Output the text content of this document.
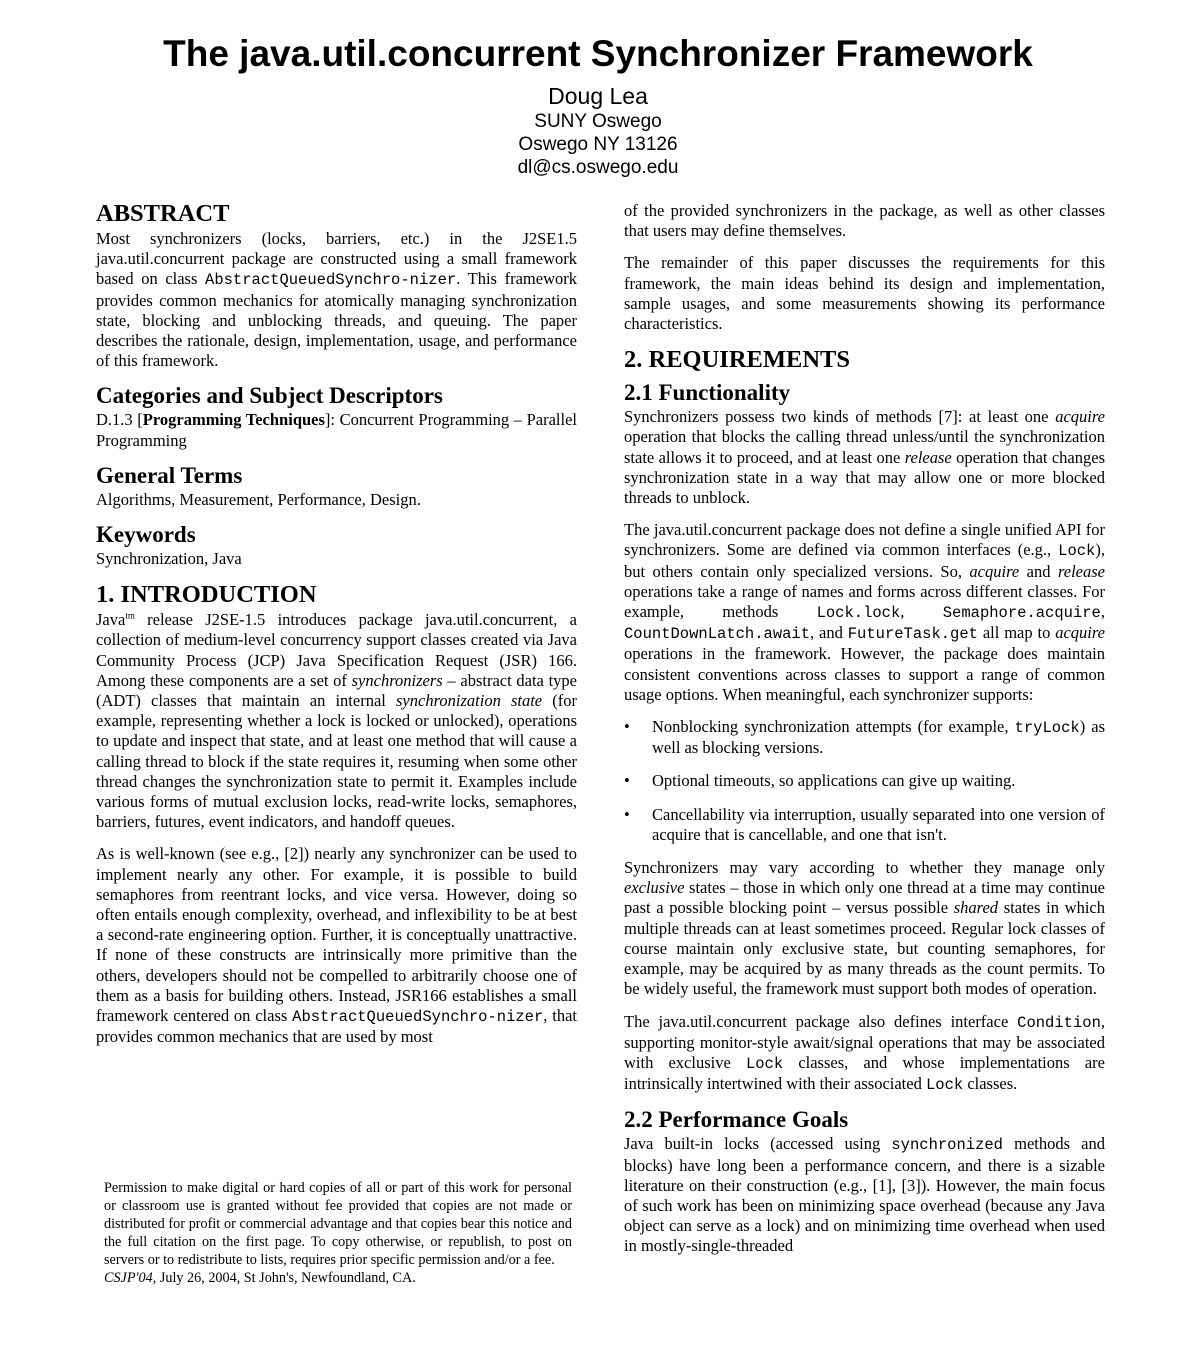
The java.util.concurrent Synchronizer Framework
Doug Lea
SUNY Oswego
Oswego NY 13126
dl@cs.oswego.edu
ABSTRACT

Most synchronizers (locks, barriers, etc.) in the J2SE1.5 java.util.concurrent package are constructed using a small framework based on class AbstractQueuedSynchro-nizer. This framework provides common mechanics for atomically managing synchronization state, blocking and unblocking threads, and queuing. The paper describes the rationale, design, implementation, usage, and performance of this framework.

Categories and Subject Descriptors

D.1.3 [Programming Techniques]: Concurrent Programming – Parallel Programming

General Terms

Algorithms, Measurement, Performance, Design.

Keywords

Synchronization, Java

1. INTRODUCTION

Java$^{tm}$ release J2SE-1.5 introduces package java.util.concurrent, a collection of medium-level concurrency support classes created via Java Community Process (JCP) Java Specification Request (JSR) 166. Among these components are a set of synchronizers – abstract data type (ADT) classes that maintain an internal synchronization state (for example, representing whether a lock is locked or unlocked), operations to update and inspect that state, and at least one method that will cause a calling thread to block if the state requires it, resuming when some other thread changes the synchronization state to permit it. Examples include various forms of mutual exclusion locks, read-write locks, semaphores, barriers, futures, event indicators, and handoff queues.

As is well-known (see e.g., [2]) nearly any synchronizer can be used to implement nearly any other. For example, it is possible to build semaphores from reentrant locks, and vice versa. However, doing so often entails enough complexity, overhead, and inflexibility to be at best a second-rate engineering option. Further, it is conceptually unattractive. If none of these constructs are intrinsically more primitive than the others, developers should not be compelled to arbitrarily choose one of them as a basis for building others. Instead, JSR166 establishes a small framework centered on class AbstractQueuedSynchro-nizer, that provides common mechanics that are used by most

Permission to make digital or hard copies of all or part of this work for personal or classroom use is granted without fee provided that copies are not made or distributed for profit or commercial advantage and that copies bear this notice and the full citation on the first page. To copy otherwise, or republish, to post on servers or to redistribute to lists, requires prior specific permission and/or a fee.

CSJP'04, July 26, 2004, St John's, Newfoundland, CA.

of the provided synchronizers in the package, as well as other classes that users may define themselves.

The remainder of this paper discusses the requirements for this framework, the main ideas behind its design and implementation, sample usages, and some measurements showing its performance characteristics.

2. REQUIREMENTS
2.1 Functionality

Synchronizers possess two kinds of methods [7]: at least one acquire operation that blocks the calling thread unless/until the synchronization state allows it to proceed, and at least one release operation that changes synchronization state in a way that may allow one or more blocked threads to unblock.

The java.util.concurrent package does not define a single unified API for synchronizers. Some are defined via common interfaces (e.g., Lock), but others contain only specialized versions. So, acquire and release operations take a range of names and forms across different classes. For example, methods Lock.lock, Semaphore.acquire, CountDownLatch.await, and FutureTask.get all map to acquire operations in the framework. However, the package does maintain consistent conventions across classes to support a range of common usage options. When meaningful, each synchronizer supports:

• Nonblocking synchronization attempts (for example, tryLock) as well as blocking versions.
• Optional timeouts, so applications can give up waiting.
• Cancellability via interruption, usually separated into one version of acquire that is cancellable, and one that isn't.

Synchronizers may vary according to whether they manage only exclusive states – those in which only one thread at a time may continue past a possible blocking point – versus possible shared states in which multiple threads can at least sometimes proceed. Regular lock classes of course maintain only exclusive state, but counting semaphores, for example, may be acquired by as many threads as the count permits. To be widely useful, the framework must support both modes of operation.

The java.util.concurrent package also defines interface Condition, supporting monitor-style await/signal operations that may be associated with exclusive Lock classes, and whose implementations are intrinsically intertwined with their associated Lock classes.

2.2 Performance Goals

Java built-in locks (accessed using synchronized methods and blocks) have long been a performance concern, and there is a sizable literature on their construction (e.g., [1], [3]). However, the main focus of such work has been on minimizing space overhead (because any Java object can serve as a lock) and on minimizing time overhead when used in mostly-single-threaded
